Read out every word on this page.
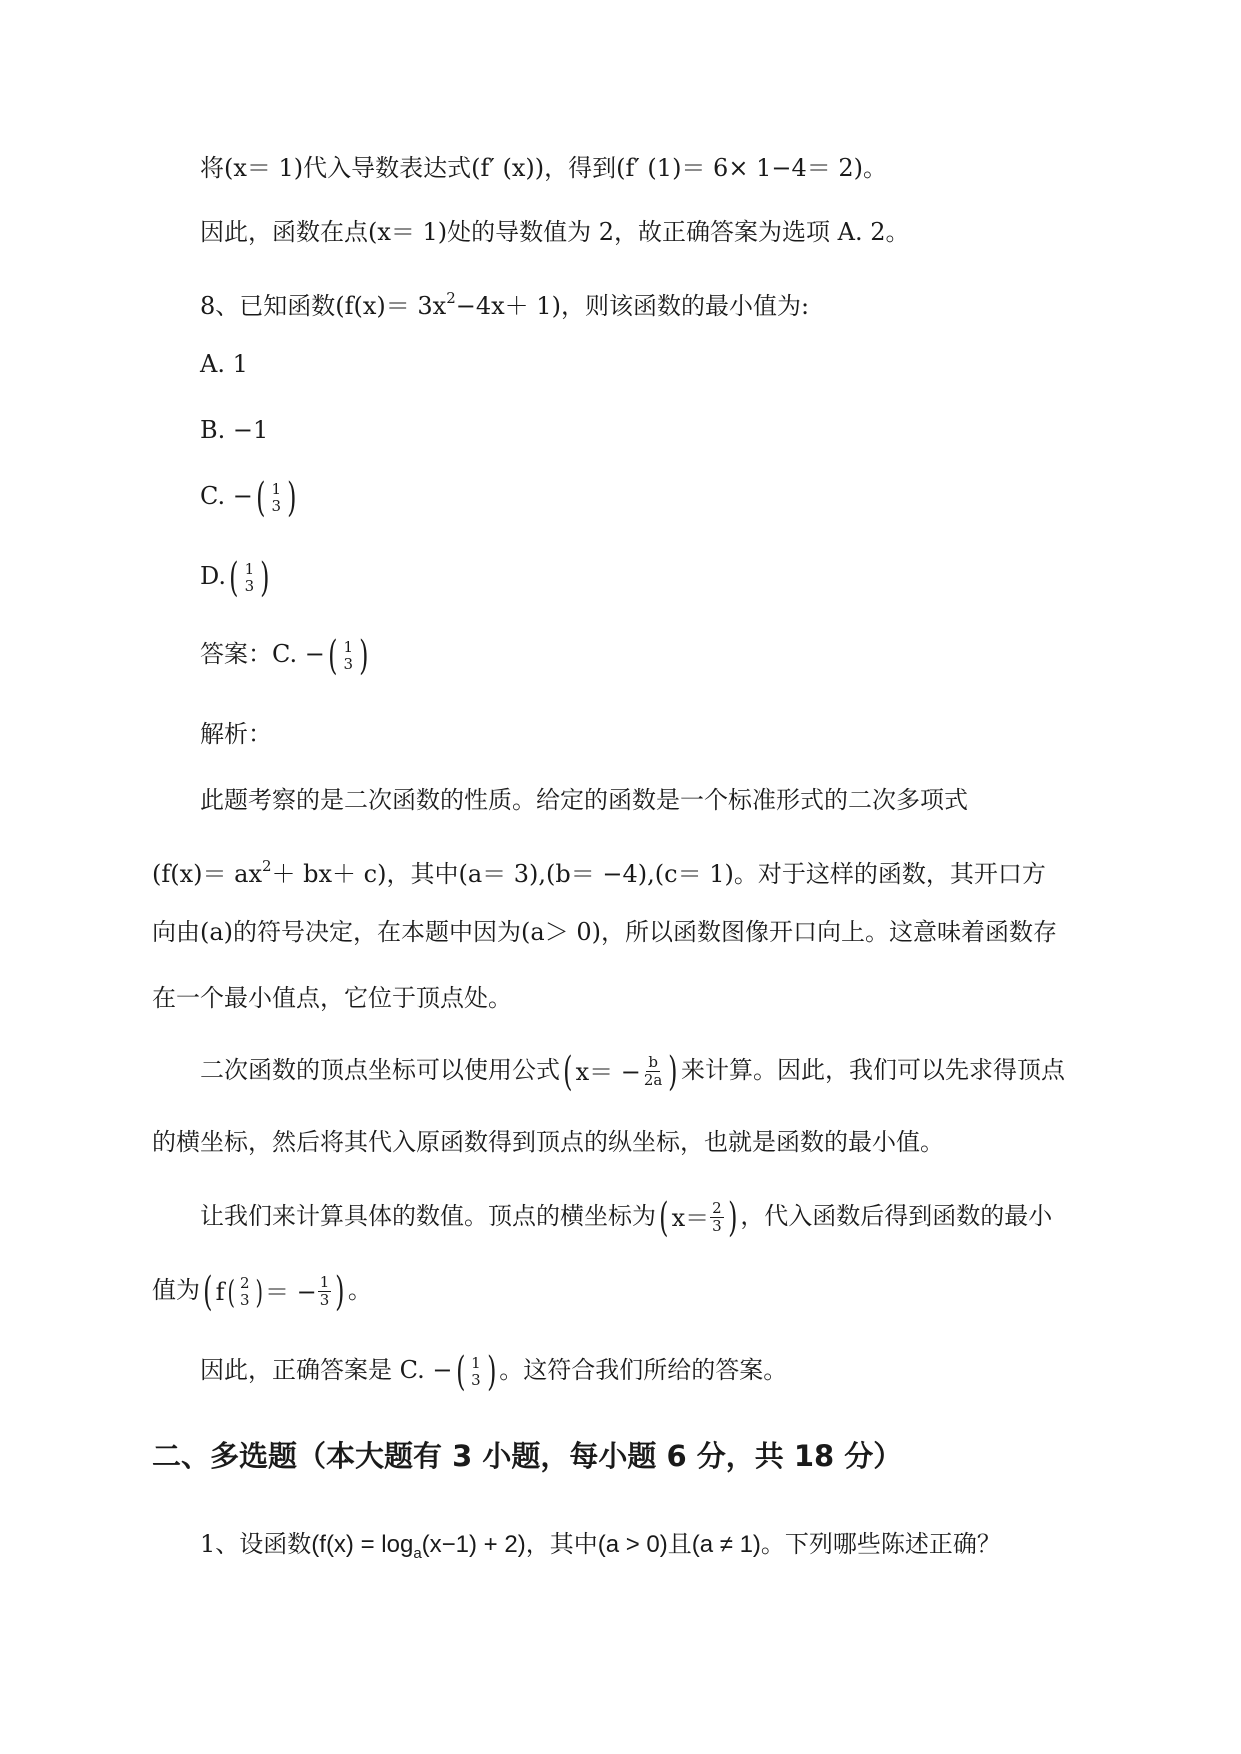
将(x＝ 1)代入导数表达式(f′ (x))，得到(f′ (1)＝ 6× 1−4＝ 2)。
因此，函数在点(x＝ 1)处的导数值为 2，故正确答案为选项 A. 2。
8、已知函数$(f(x)= 3x^2-4x+ 1)$，则该函数的最小值为:
A. 1
B. −1
C. − ( 1
3 )
D. ( 1
3 )
答案：C. − ( 1
3 )
解析：
此题考察的是二次函数的性质。给定的函数是一个标准形式的二次多项式
$(f(x)= ax^2+ bx+ c)$，其中(a＝ 3),(b＝ −4),(c＝ 1)。对于这样的函数，其开口方
向由(a)的符号决定，在本题中因为(a＞ 0)，所以函数图像开口向上。这意味着函数存
在一个最小值点，它位于顶点处。
二次函数的顶点坐标可以使用公式 ( $x= - \frac{b}{2a}$ ) 来计算。因此，我们可以先求得顶点
的横坐标，然后将其代入原函数得到顶点的纵坐标，也就是函数的最小值。
让我们来计算具体的数值。顶点的横坐标为 ( $x= \frac{2}{3}$ ) ，代入函数后得到函数的最小
值为 ( f ( 2
3 ) ＝ − $\frac{1}{3}$ ) 。
因此，正确答案是 C. − ( 1
3 ) 。这符合我们所给的答案。
二、多选题（本大题有 3 小题，每小题 6 分，共 18 分）
1、设函数$(f(x) = \log_a(x-1) + 2)$，其中(a > 0)且(a ≠ 1)。下列哪些陈述正确？
